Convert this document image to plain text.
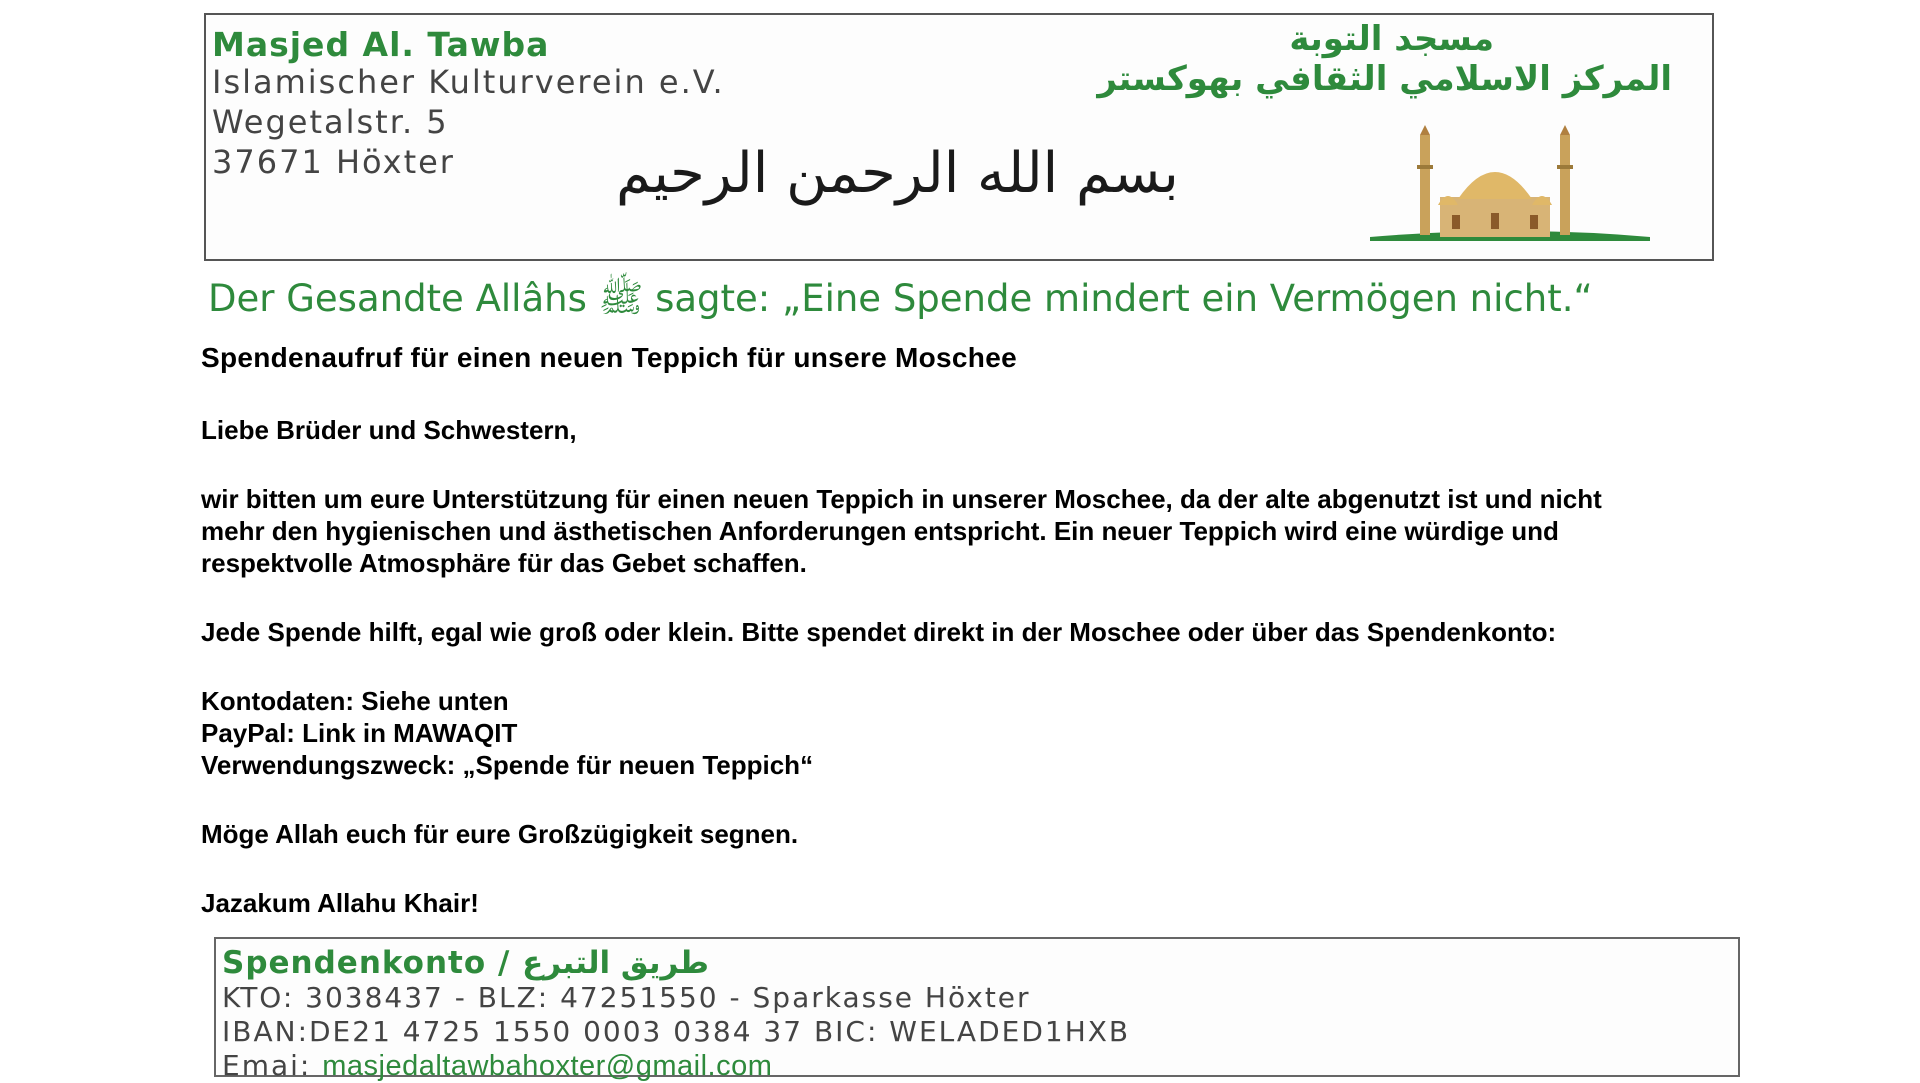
Masjed Al. Tawba

Islamischer Kulturverein e.V.

Wegetalstr. 5

37671 Höxter

مسجد التوبة
المركز الاسلامي الثقافي بهوكستر
بسم الله الرحمن الرحيم

Der Gesandte Allâhs ﷺ sagte: „Eine Spende mindert ein Vermögen nicht.“

Spendenaufruf für einen neuen Teppich für unsere Moschee

Liebe Brüder und Schwestern,

wir bitten um eure Unterstützung für einen neuen Teppich in unserer Moschee, da der alte abgenutzt ist und nicht
mehr den hygienischen und ästhetischen Anforderungen entspricht. Ein neuer Teppich wird eine würdige und
respektvolle Atmosphäre für das Gebet schaffen.

Jede Spende hilft, egal wie groß oder klein. Bitte spendet direkt in der Moschee oder über das Spendenkonto:

Kontodaten: Siehe unten
PayPal: Link in MAWAQIT
Verwendungszweck: „Spende für neuen Teppich“

Möge Allah euch für eure Großzügigkeit segnen.

Jazakum Allahu Khair!

Spendenkonto / طريق التبرع

KTO: 3038437 - BLZ: 47251550 - Sparkasse Höxter

IBAN:DE21 4725 1550 0003 0384 37 BIC: WELADED1HXB

Emai: masjedaltawbahoxter@gmail.com
